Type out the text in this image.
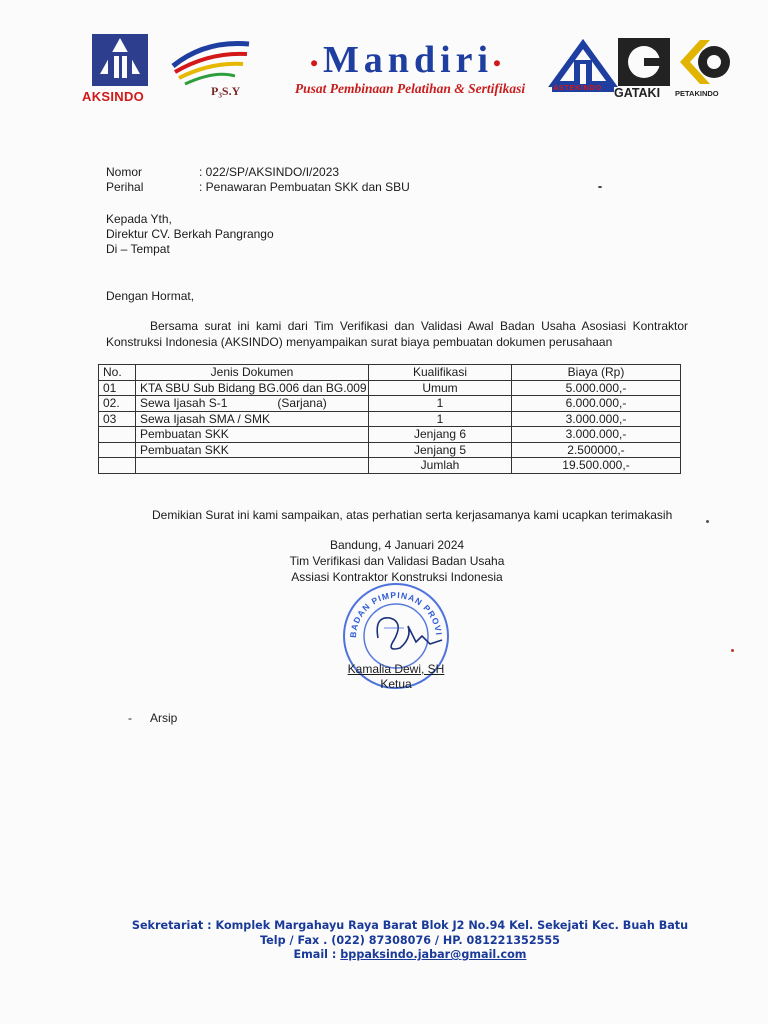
AKSINDO	P₃S.Y
•Mandiri•
Pusat Pembinaan Pelatihan & Sertifikasi	ASTEKINDO GATAKI PETAKINDO
Nomor	: 022/SP/AKSINDO/I/2023
Perihal	: Penawaran Pembuatan SKK dan SBU
Kepada Yth,
Direktur CV. Berkah Pangrango
Di – Tempat
Dengan Hormat,
Bersama surat ini kami dari Tim Verifikasi dan Validasi Awal Badan Usaha Asosiasi Kontraktor Konstruksi Indonesia (AKSINDO) menyampaikan surat biaya pembuatan dokumen perusahaan
No.	Jenis Dokumen	Kualifikasi	Biaya (Rp)
01	KTA SBU Sub Bidang BG.006 dan BG.009	Umum	5.000.000,-
02.	Sewa Ijasah S-1               (Sarjana)	1	6.000.000,-
03	Sewa Ijasah SMA / SMK	1	3.000.000,-
	Pembuatan SKK	Jenjang 6	3.000.000,-
	Pembuatan SKK	Jenjang 5	2.500000,-
		Jumlah	19.500.000,-
Demikian Surat ini kami sampaikan, atas perhatian serta kerjasamanya kami ucapkan terimakasih
Bandung, 4 Januari 2024
Tim Verifikasi dan Validasi Badan Usaha
Assiasi Kontraktor Konstruksi Indonesia
BADAN PIMPINAN PROVI
Kamalia Dewi, SH
Ketua
- Arsip
Sekretariat : Komplek Margahayu Raya Barat Blok J2 No.94 Kel. Sekejati Kec. Buah Batu
Telp / Fax . (022) 87308076 / HP. 081221352555
Email : bppaksindo.jabar@gmail.com
